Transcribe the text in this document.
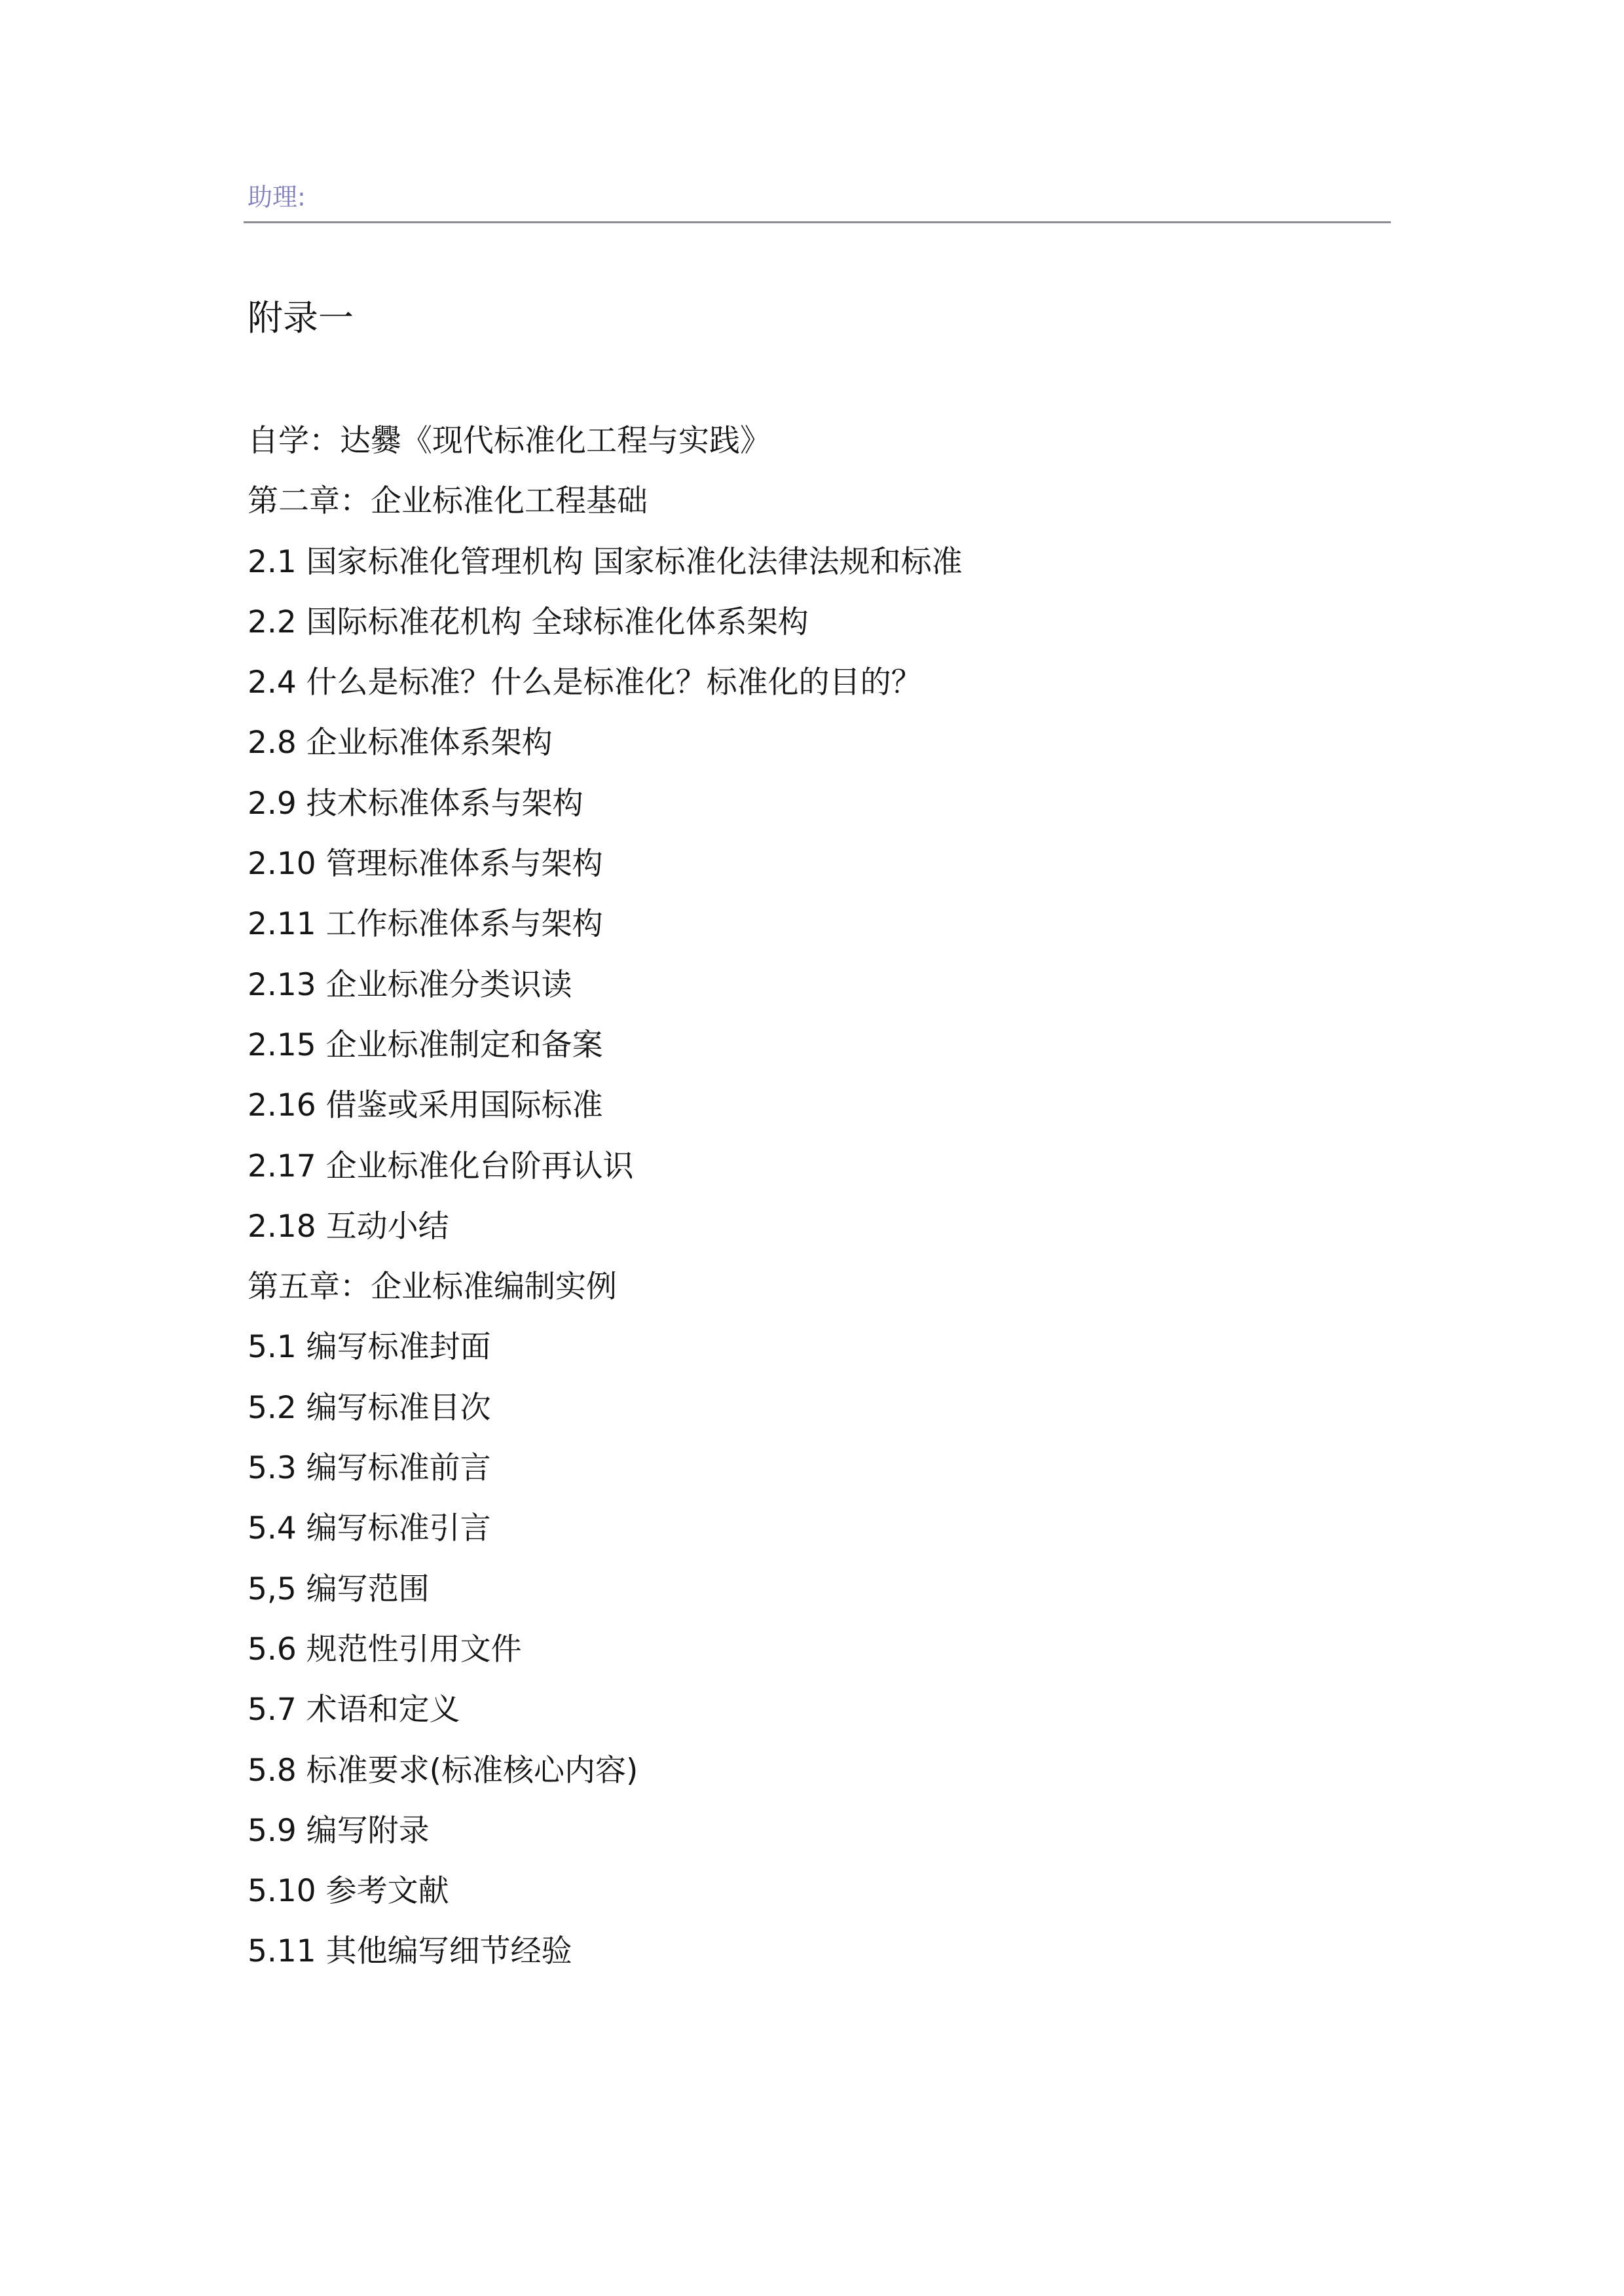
助理:
附录一
自学：达爨《现代标准化工程与实践》
第二章：企业标准化工程基础
2.1 国家标准化管理机构 国家标准化法律法规和标准
2.2 国际标准花机构 全球标准化体系架构
2.4 什么是标准？什么是标准化？标准化的目的？
2.8 企业标准体系架构
2.9 技术标准体系与架构
2.10 管理标准体系与架构
2.11 工作标准体系与架构
2.13 企业标准分类识读
2.15 企业标准制定和备案
2.16 借鉴或采用国际标准
2.17 企业标准化台阶再认识
2.18 互动小结
第五章：企业标准编制实例
5.1 编写标准封面
5.2 编写标准目次
5.3 编写标准前言
5.4 编写标准引言
5,5 编写范围
5.6 规范性引用文件
5.7 术语和定义
5.8 标准要求(标准核心内容)
5.9 编写附录
5.10 参考文献
5.11 其他编写细节经验
